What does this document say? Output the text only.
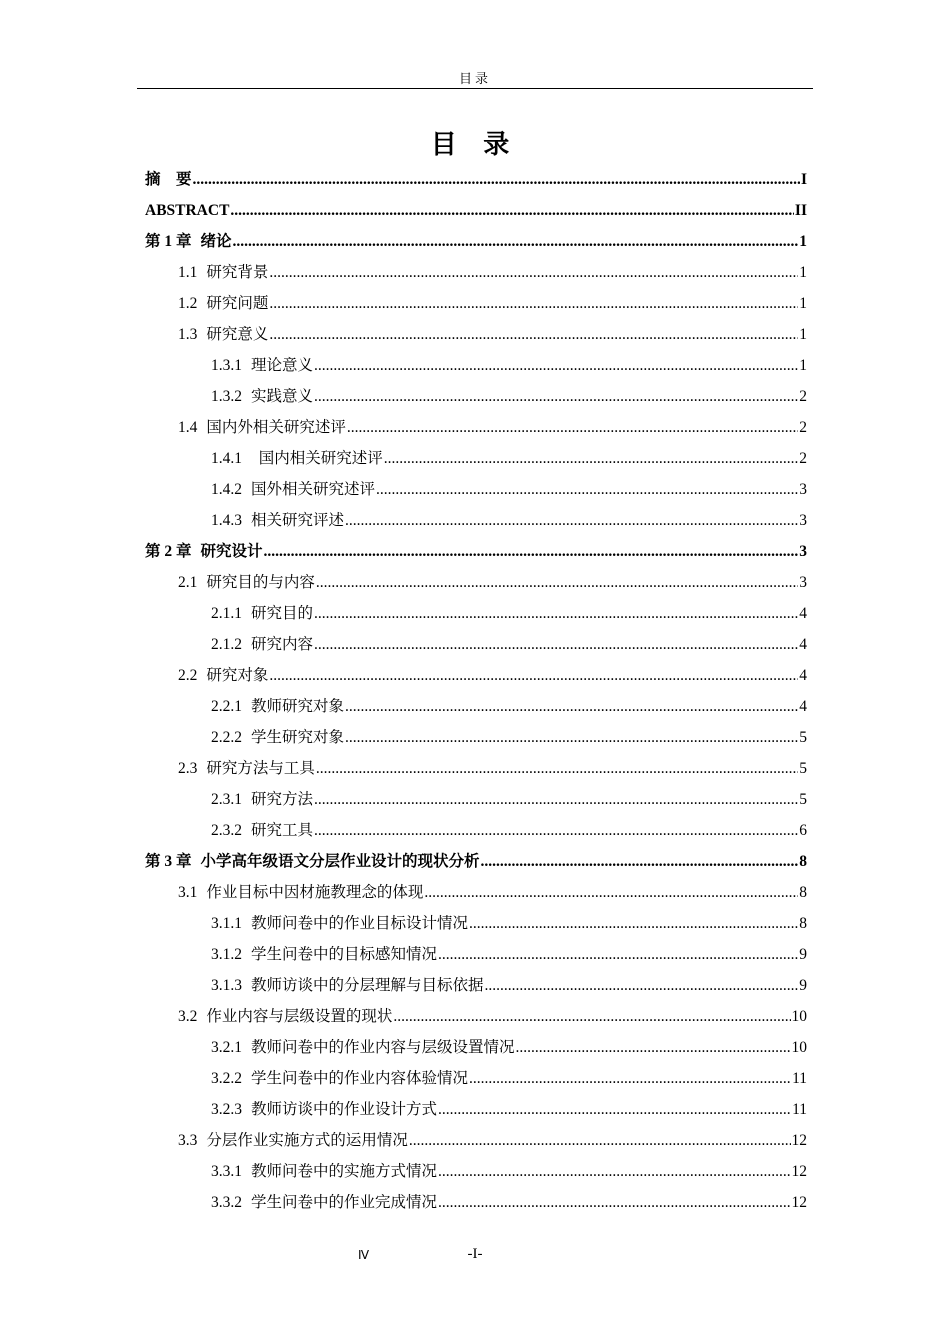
目录
目 录
摘　要 .....	I
ABSTRACT .....	II
第 1 章 绪论 .....	1
1.1 研究背景 .....	1
1.2 研究问题 .....	1
1.3 研究意义 .....	1
1.3.1 理论意义 .....	1
1.3.2 实践意义 .....	2
1.4 国内外相关研究述评 .....	2
1.4.1 国内相关研究述评 .....	2
1.4.2 国外相关研究述评 .....	3
1.4.3 相关研究评述 .....	3
第 2 章 研究设计 .....	3
2.1 研究目的与内容 .....	3
2.1.1 研究目的 .....	4
2.1.2 研究内容 .....	4
2.2 研究对象 .....	4
2.2.1 教师研究对象 .....	4
2.2.2 学生研究对象 .....	5
2.3 研究方法与工具 .....	5
2.3.1 研究方法 .....	5
2.3.2 研究工具 .....	6
第 3 章 小学高年级语文分层作业设计的现状分析 .....	8
3.1 作业目标中因材施教理念的体现 .....	8
3.1.1 教师问卷中的作业目标设计情况 .....	8
3.1.2 学生问卷中的目标感知情况 .....	9
3.1.3 教师访谈中的分层理解与目标依据 .....	9
3.2 作业内容与层级设置的现状 .....	10
3.2.1 教师问卷中的作业内容与层级设置情况 .....	10
3.2.2 学生问卷中的作业内容体验情况 .....	11
3.2.3 教师访谈中的作业设计方式 .....	11
3.3 分层作业实施方式的运用情况 .....	12
3.3.1 教师问卷中的实施方式情况 .....	12
3.3.2 学生问卷中的作业完成情况 .....	12
Ⅳ	-I-
